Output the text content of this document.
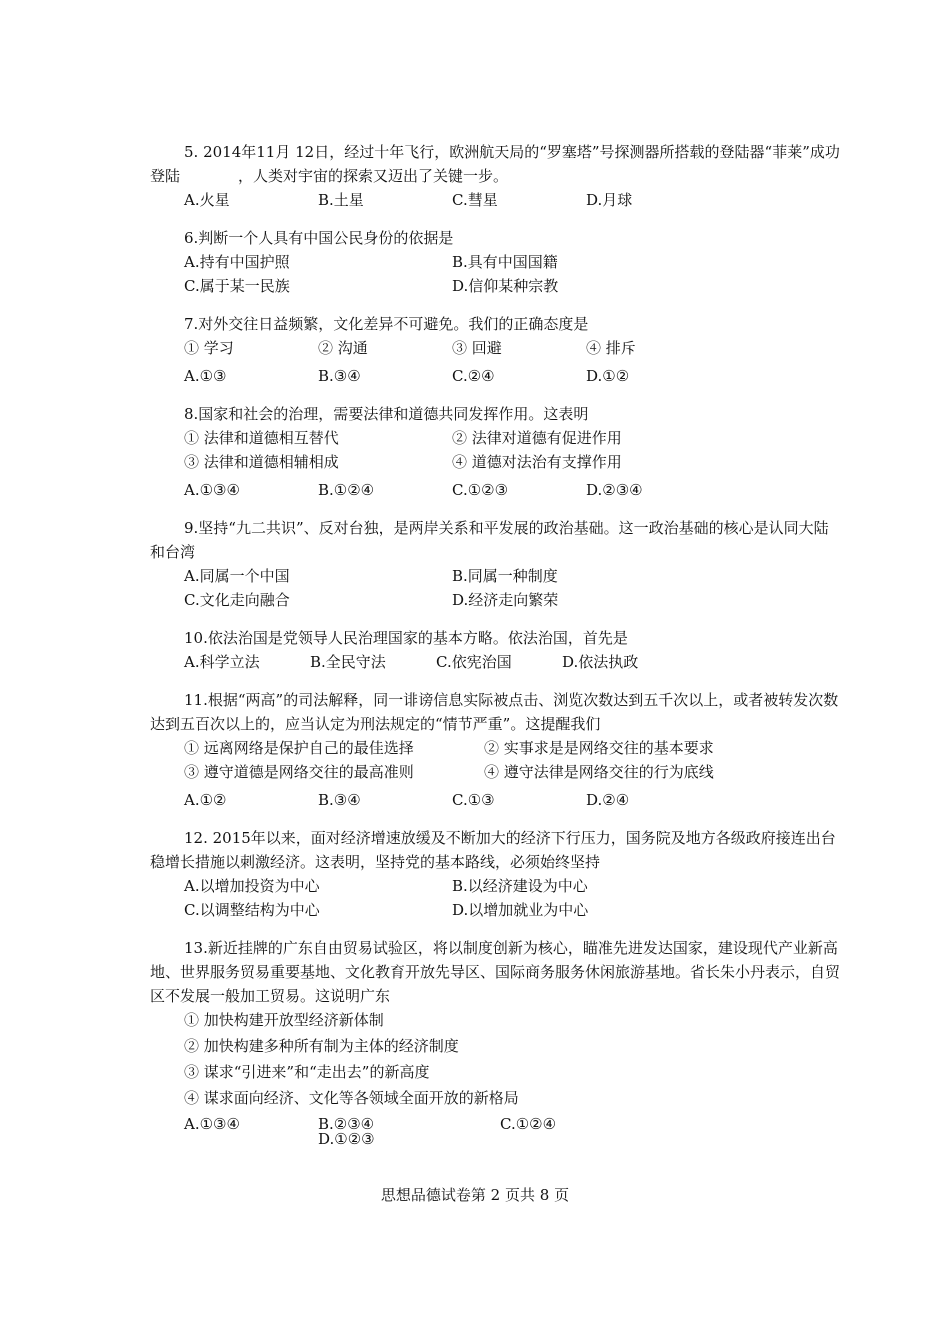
5. 2014年11月 12日，经过十年飞行，欧洲航天局的“罗塞塔”号探测器所搭载的登陆器“菲莱”成功登陆	，人类对宇宙的探索又迈出了关键一步。
A.火星	B.土星	C.彗星	D.月球
6.判断一个人具有中国公民身份的依据是
A.持有中国护照	B.具有中国国籍
C.属于某一民族	D.信仰某种宗教
7.对外交往日益频繁，文化差异不可避免。我们的正确态度是
① 学习	② 沟通	③ 回避	④ 排斥
A.①③	B.③④	C.②④	D.①②
8.国家和社会的治理，需要法律和道德共同发挥作用。这表明
① 法律和道德相互替代	② 法律对道德有促进作用
③ 法律和道德相辅相成	④ 道德对法治有支撑作用
A.①③④	B.①②④	C.①②③	D.②③④
9.坚持“九二共识”、反对台独，是两岸关系和平发展的政治基础。这一政治基础的核心是认同大陆和台湾
A.同属一个中国	B.同属一种制度
C.文化走向融合	D.经济走向繁荣
10.依法治国是党领导人民治理国家的基本方略。依法治国，首先是
A.科学立法	B.全民守法	C.依宪治国	D.依法执政
11.根据“两高”的司法解释，同一诽谤信息实际被点击、浏览次数达到五千次以上，或者被转发次数达到五百次以上的，应当认定为刑法规定的“情节严重”。这提醒我们
① 远离网络是保护自己的最佳选择	② 实事求是是网络交往的基本要求
③ 遵守道德是网络交往的最高准则	④ 遵守法律是网络交往的行为底线
A.①②	B.③④	C.①③	D.②④
12. 2015年以来，面对经济增速放缓及不断加大的经济下行压力，国务院及地方各级政府接连出台稳增长措施以刺激经济。这表明，坚持党的基本路线，必须始终坚持
A.以增加投资为中心	B.以经济建设为中心
C.以调整结构为中心	D.以增加就业为中心
13.新近挂牌的广东自由贸易试验区，将以制度创新为核心，瞄准先进发达国家，建设现代产业新高地、世界服务贸易重要基地、文化教育开放先导区、国际商务服务休闲旅游基地。省长朱小丹表示，自贸区不发展一般加工贸易。这说明广东
① 加快构建开放型经济新体制
② 加快构建多种所有制为主体的经济制度
③ 谋求“引进来”和“走出去”的新高度
④ 谋求面向经济、文化等各领域全面开放的新格局
A.①③④	B.②③④	C.①②④
D.①②③
思想品德试卷第 2 页共 8 页
